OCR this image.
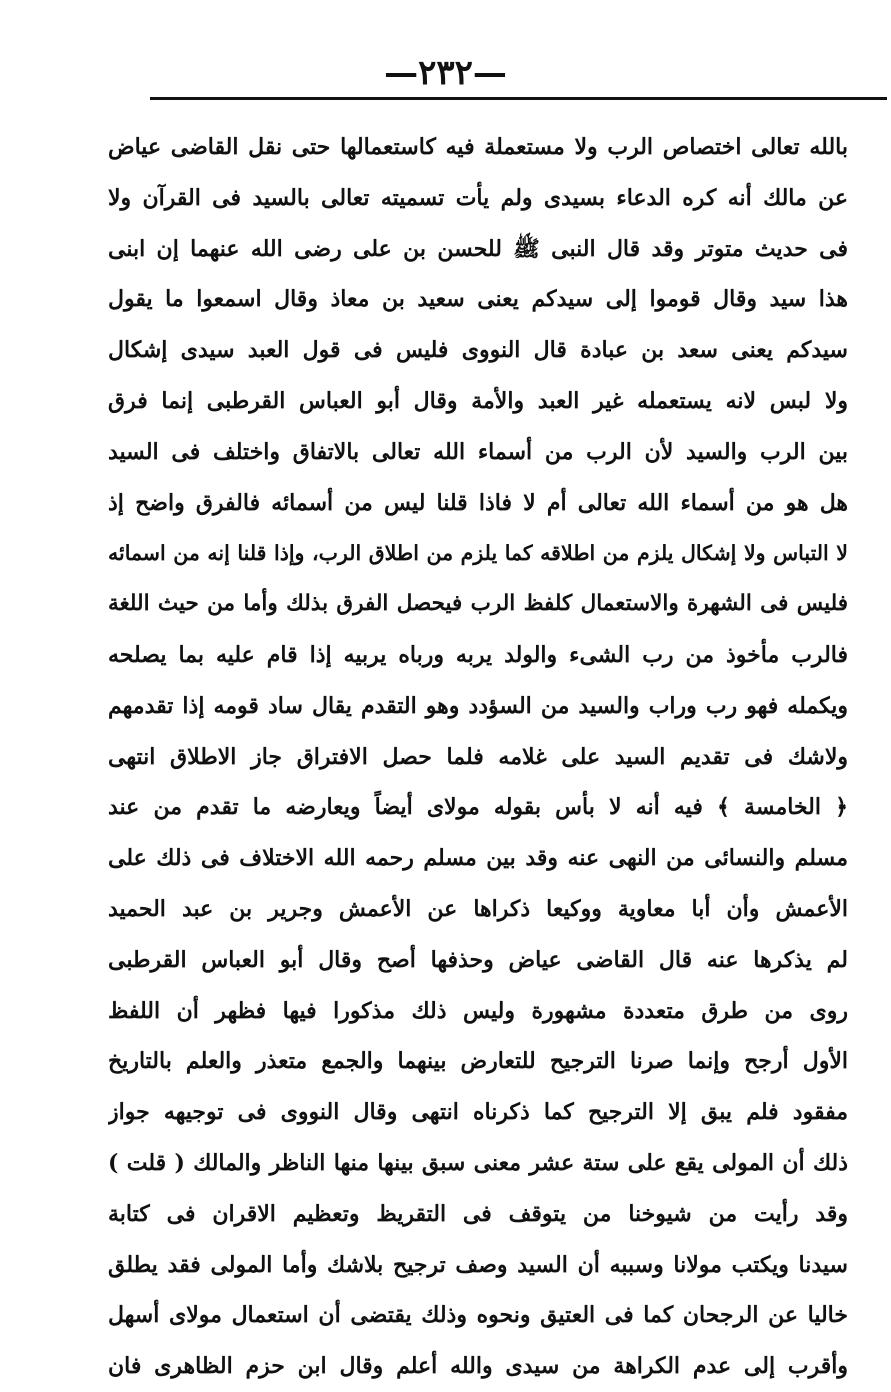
—٢٣٢—
بالله تعالى اختصاص الرب ولا مستعملة فيه كاستعمالها حتى نقل القاضى عياض
عن مالك أنه كره الدعاء بسيدى ولم يأت تسميته تعالى بالسيد فى القرآن ولا
فى حديث متوتر وقد قال النبى ﷺ للحسن بن على رضى الله عنهما إن ابنى
هذا سيد وقال قوموا إلى سيدكم يعنى سعيد بن معاذ وقال اسمعوا ما يقول
سيدكم يعنى سعد بن عبادة قال النووى فليس فى قول العبد سيدى إشكال
ولا لبس لانه يستعمله غير العبد والأمة وقال أبو العباس القرطبى إنما فرق
بين الرب والسيد لأن الرب من أسماء الله تعالى بالاتفاق واختلف فى السيد
هل هو من أسماء الله تعالى أم لا فاذا قلنا ليس من أسمائه فالفرق واضح إذ
لا التباس ولا إشكال يلزم من اطلاقه كما يلزم من اطلاق الرب، وإذا قلنا إنه من اسمائه
فليس فى الشهرة والاستعمال كلفظ الرب فيحصل الفرق بذلك وأما من حيث اللغة
فالرب مأخوذ من رب الشىء والولد يربه ورباه يربيه إذا قام عليه بما يصلحه
ويكمله فهو رب وراب والسيد من السؤدد وهو التقدم يقال ساد قومه إذا تقدمهم
ولاشك فى تقديم السيد على غلامه فلما حصل الافتراق جاز الاطلاق انتهى
﴿ الخامسة ﴾ فيه أنه لا بأس بقوله مولاى أيضاً ويعارضه ما تقدم من عند
مسلم والنسائى من النهى عنه وقد بين مسلم رحمه الله الاختلاف فى ذلك على
الأعمش وأن أبا معاوية ووكيعا ذكراها عن الأعمش وجرير بن عبد الحميد
لم يذكرها عنه قال القاضى عياض وحذفها أصح وقال أبو العباس القرطبى
روى من طرق متعددة مشهورة وليس ذلك مذكورا فيها فظهر أن اللفظ
الأول أرجح وإنما صرنا الترجيح للتعارض بينهما والجمع متعذر والعلم بالتاريخ
مفقود فلم يبق إلا الترجيح كما ذكرناه انتهى وقال النووى فى توجيهه جواز
ذلك أن المولى يقع على ستة عشر معنى سبق بينها منها الناظر والمالك ( قلت )
وقد رأيت من شيوخنا من يتوقف فى التقريظ وتعظيم الاقران فى كتابة
سيدنا ويكتب مولانا وسببه أن السيد وصف ترجيح بلاشك وأما المولى فقد يطلق
خاليا عن الرجحان كما فى العتيق ونحوه وذلك يقتضى أن استعمال مولاى أسهل
وأقرب إلى عدم الكراهة من سيدى والله أعلم وقال ابن حزم الظاهرى فان
